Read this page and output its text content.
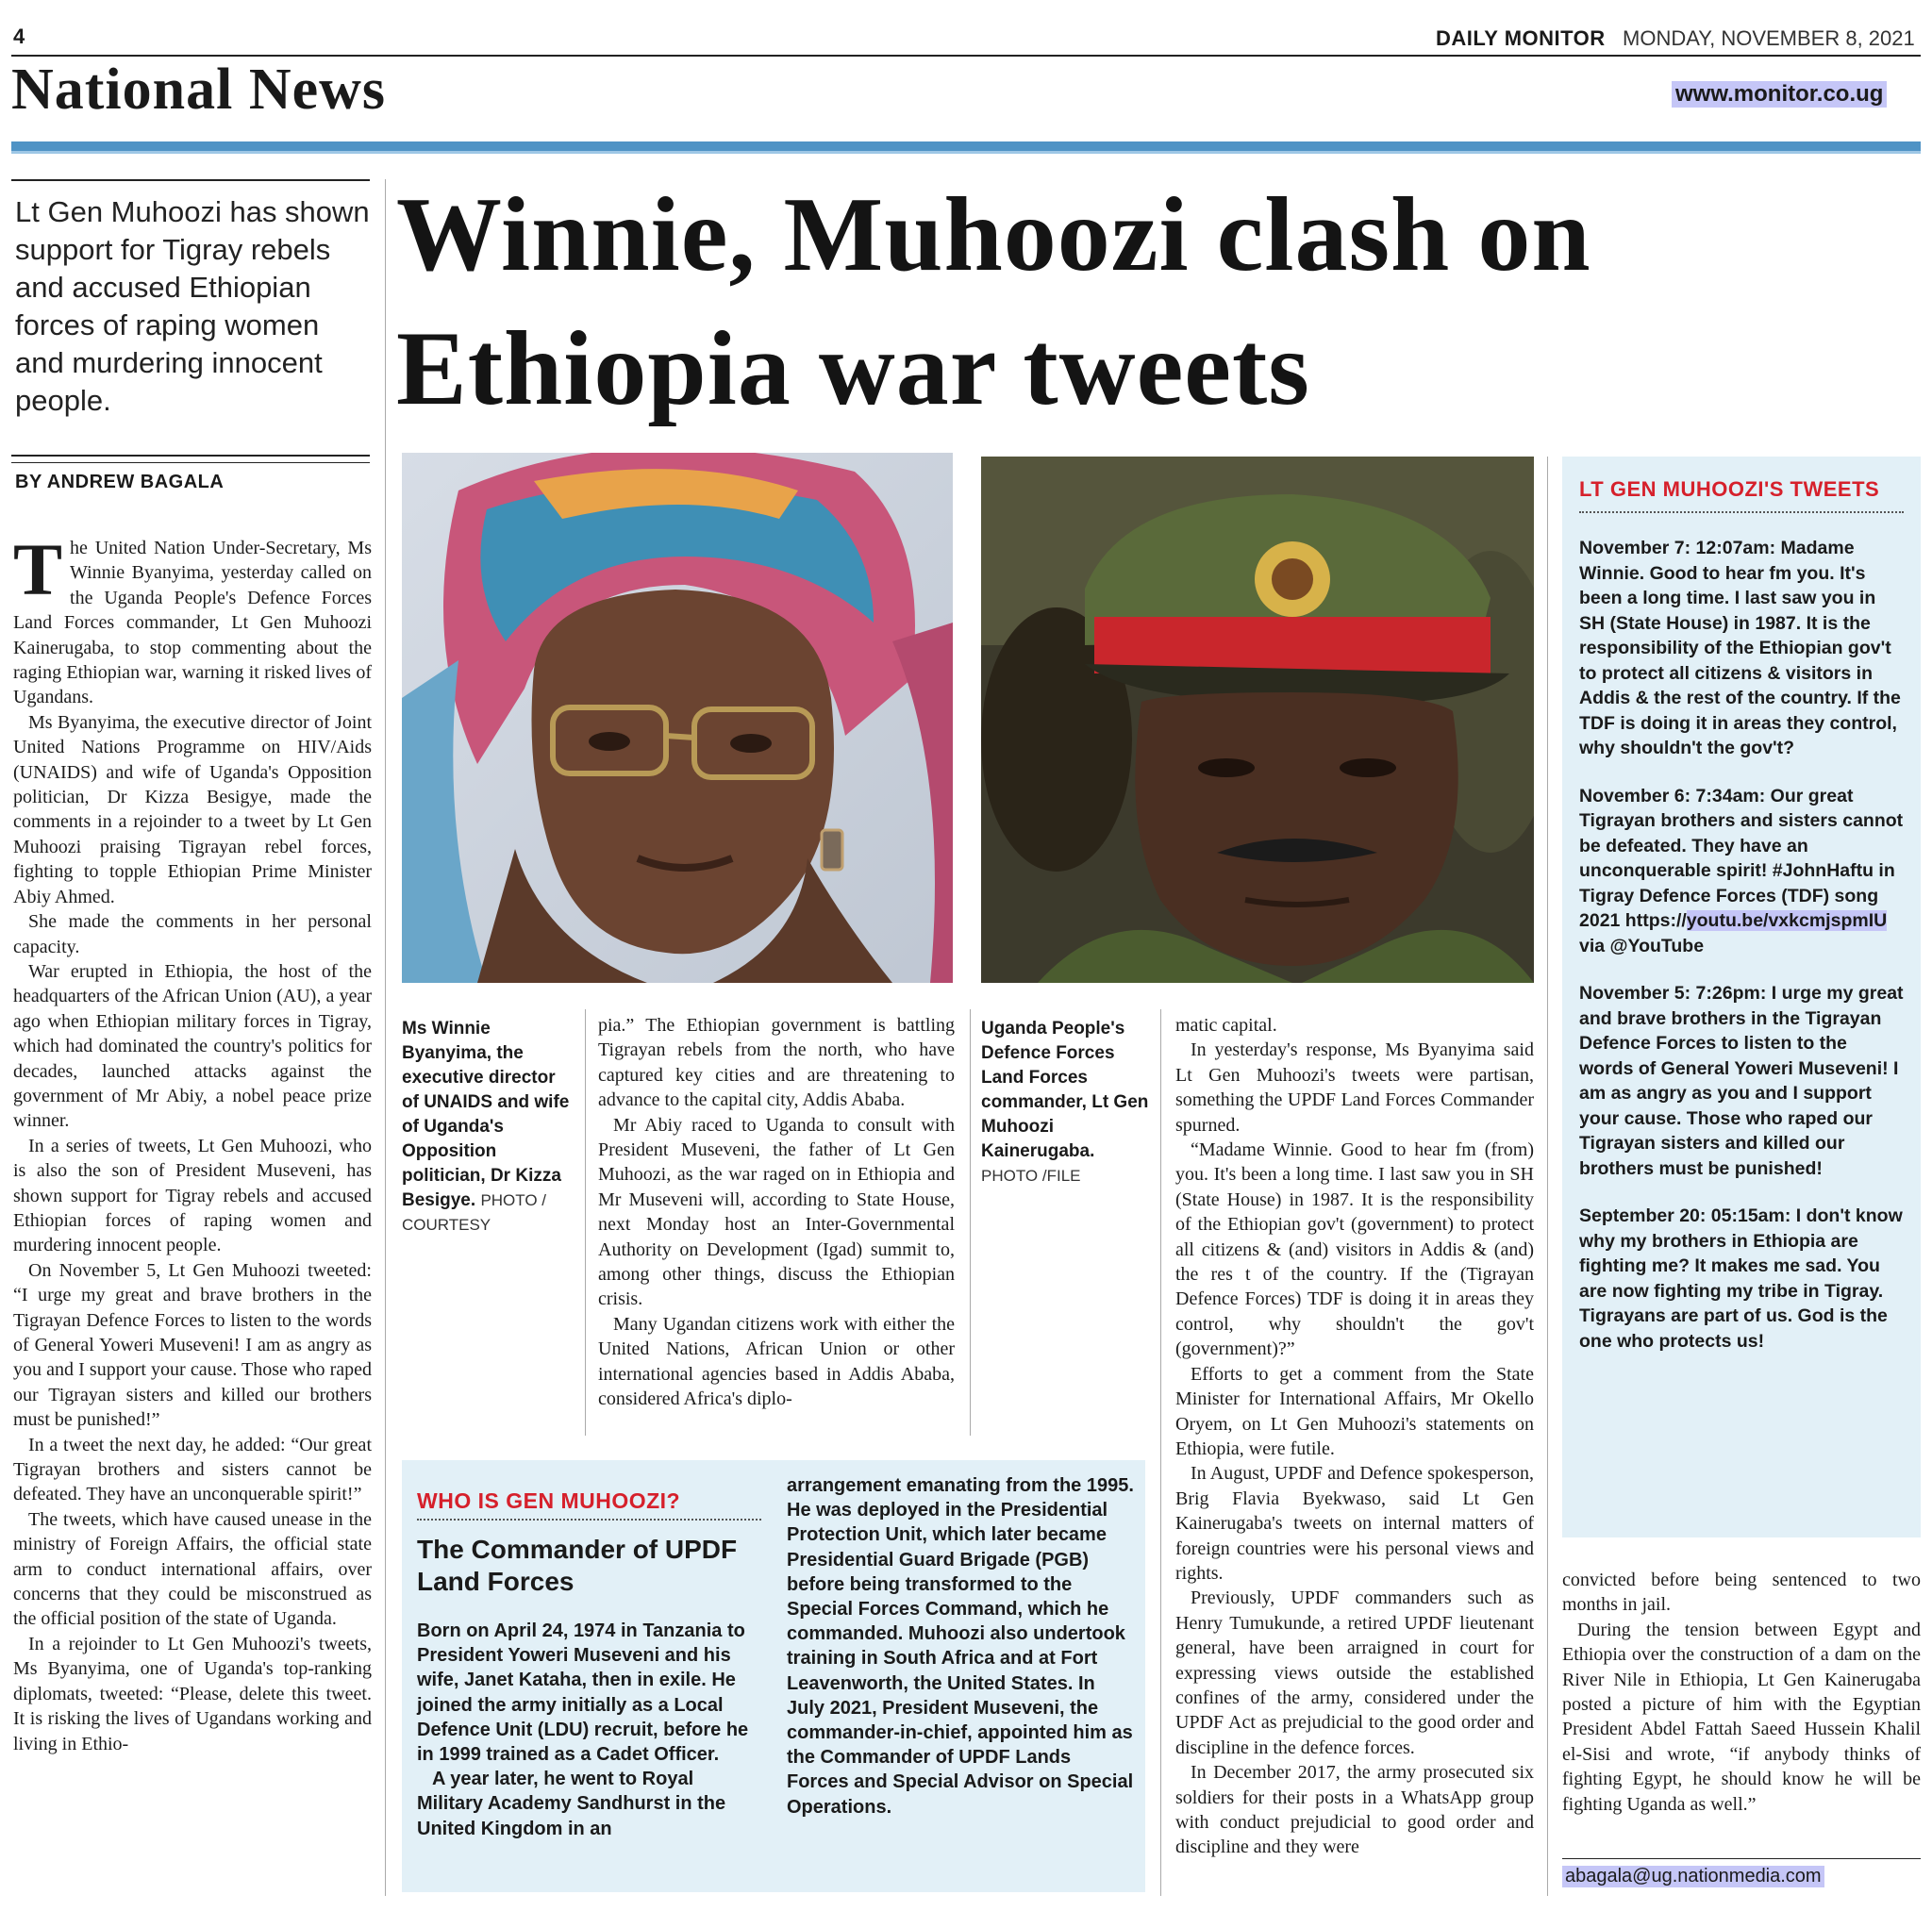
4	DAILY MONITOR MONDAY, NOVEMBER 8, 2021
National News	www.monitor.co.ug
Lt Gen Muhoozi has shown support for Tigray rebels and accused Ethiopian forces of raping women and murdering innocent people.
BY ANDREW BAGALA
Winnie, Muhoozi clash on Ethiopia war tweets

The United Nation Under-Secretary, Ms Winnie Byanyima, yesterday called on the Uganda People's Defence Forces Land Forces commander, Lt Gen Muhoozi Kainerugaba, to stop commenting about the raging Ethiopian war, warning it risked lives of Ugandans.

Ms Byanyima, the executive director of Joint United Nations Programme on HIV/Aids (UNAIDS) and wife of Uganda's Opposition politician, Dr Kizza Besigye, made the comments in a rejoinder to a tweet by Lt Gen Muhoozi praising Tigrayan rebel forces, fighting to topple Ethiopian Prime Minister Abiy Ahmed.

She made the comments in her personal capacity.

War erupted in Ethiopia, the host of the headquarters of the African Union (AU), a year ago when Ethiopian military forces in Tigray, which had dominated the country's politics for decades, launched attacks against the government of Mr Abiy, a nobel peace prize winner.

In a series of tweets, Lt Gen Muhoozi, who is also the son of President Museveni, has shown support for Tigray rebels and accused Ethiopian forces of raping women and murdering innocent people.

On November 5, Lt Gen Muhoozi tweeted: “I urge my great and brave brothers in the Tigrayan Defence Forces to listen to the words of General Yoweri Museveni! I am as angry as you and I support your cause. Those who raped our Tigrayan sisters and killed our brothers must be punished!”

In a tweet the next day, he added: “Our great Tigrayan brothers and sisters cannot be defeated. They have an unconquerable spirit!”

The tweets, which have caused unease in the ministry of Foreign Affairs, the official state arm to conduct international affairs, over concerns that they could be misconstrued as the official position of the state of Uganda.

In a rejoinder to Lt Gen Muhoozi's tweets, Ms Byanyima, one of Uganda's top-ranking diplomats, tweeted: “Please, delete this tweet. It is risking the lives of Ugandans working and living in Ethio-

Ms Winnie Byanyima, the executive director of UNAIDS and wife of Uganda's Opposition politician, Dr Kizza Besigye. PHOTO / COURTESY
Uganda People's Defence Forces Land Forces commander, Lt Gen Muhoozi Kainerugaba. PHOTO /FILE

pia.” The Ethiopian government is battling Tigrayan rebels from the north, who have captured key cities and are threatening to advance to the capital city, Addis Ababa.

Mr Abiy raced to Uganda to consult with President Museveni, the father of Lt Gen Muhoozi, as the war raged on in Ethiopia and Mr Museveni will, according to State House, next Monday host an Inter-Governmental Authority on Development (Igad) summit to, among other things, discuss the Ethiopian crisis.

Many Ugandan citizens work with either the United Nations, African Union or other international agencies based in Addis Ababa, considered Africa's diplo-

matic capital.

In yesterday's response, Ms Byanyima said Lt Gen Muhoozi's tweets were partisan, something the UPDF Land Forces Commander spurned.

“Madame Winnie. Good to hear fm (from) you. It's been a long time. I last saw you in SH (State House) in 1987. It is the responsibility of the Ethiopian gov't (government) to protect all citizens & (and) visitors in Addis & (and) the res t of the country. If the (Tigrayan Defence Forces) TDF is doing it in areas they control, why shouldn't the gov't (government)?”

Efforts to get a comment from the State Minister for International Affairs, Mr Okello Oryem, on Lt Gen Muhoozi's statements on Ethiopia, were futile.

In August, UPDF and Defence spokesperson, Brig Flavia Byekwaso, said Lt Gen Kainerugaba's tweets on internal matters of foreign countries were his personal views and rights.

Previously, UPDF commanders such as Henry Tumukunde, a retired UPDF lieutenant general, have been arraigned in court for expressing views outside the established confines of the army, considered under the UPDF Act as prejudicial to the good order and discipline in the defence forces.

In December 2017, the army prosecuted six soldiers for their posts in a WhatsApp group with conduct prejudicial to good order and discipline and they were

LT GEN MUHOOZI'S TWEETS
November 7: 12:07am: Madame Winnie. Good to hear fm you. It's been a long time. I last saw you in SH (State House) in 1987. It is the responsibility of the Ethiopian gov't to protect all citizens & visitors in Addis & the rest of the country. If the TDF is doing it in areas they control, why shouldn't the gov't?
November 6: 7:34am: Our great Tigrayan brothers and sisters cannot be defeated. They have an unconquerable spirit! #JohnHaftu in Tigray Defence Forces (TDF) song 2021 https://youtu.be/vxkcmjspmIU via @YouTube
November 5: 7:26pm: I urge my great and brave brothers in the Tigrayan Defence Forces to listen to the words of General Yoweri Museveni! I am as angry as you and I support your cause. Those who raped our Tigrayan sisters and killed our brothers must be punished!
September 20: 05:15am: I don't know why my brothers in Ethiopia are fighting me? It makes me sad. You are now fighting my tribe in Tigray. Tigrayans are part of us. God is the one who protects us!

convicted before being sentenced to two months in jail.

During the tension between Egypt and Ethiopia over the construction of a dam on the River Nile in Ethiopia, Lt Gen Kainerugaba posted a picture of him with the Egyptian President Abdel Fattah Saeed Hussein Khalil el-Sisi and wrote, “if anybody thinks of fighting Egypt, he should know he will be fighting Uganda as well.”

abagala@ug.nationmedia.com
WHO IS GEN MUHOOZI?
The Commander of UPDF Land Forces

Born on April 24, 1974 in Tanzania to President Yoweri Museveni and his wife, Janet Kataha, then in exile. He joined the army initially as a Local Defence Unit (LDU) recruit, before he in 1999 trained as a Cadet Officer.

A year later, he went to Royal Military Academy Sandhurst in the United Kingdom in an

arrangement emanating from the 1995. He was deployed in the Presidential Protection Unit, which later became Presidential Guard Brigade (PGB) before being transformed to the Special Forces Command, which he commanded. Muhoozi also undertook training in South Africa and at Fort Leavenworth, the United States. In July 2021, President Museveni, the commander-in-chief, appointed him as the Commander of UPDF Lands Forces and Special Advisor on Special Operations.
